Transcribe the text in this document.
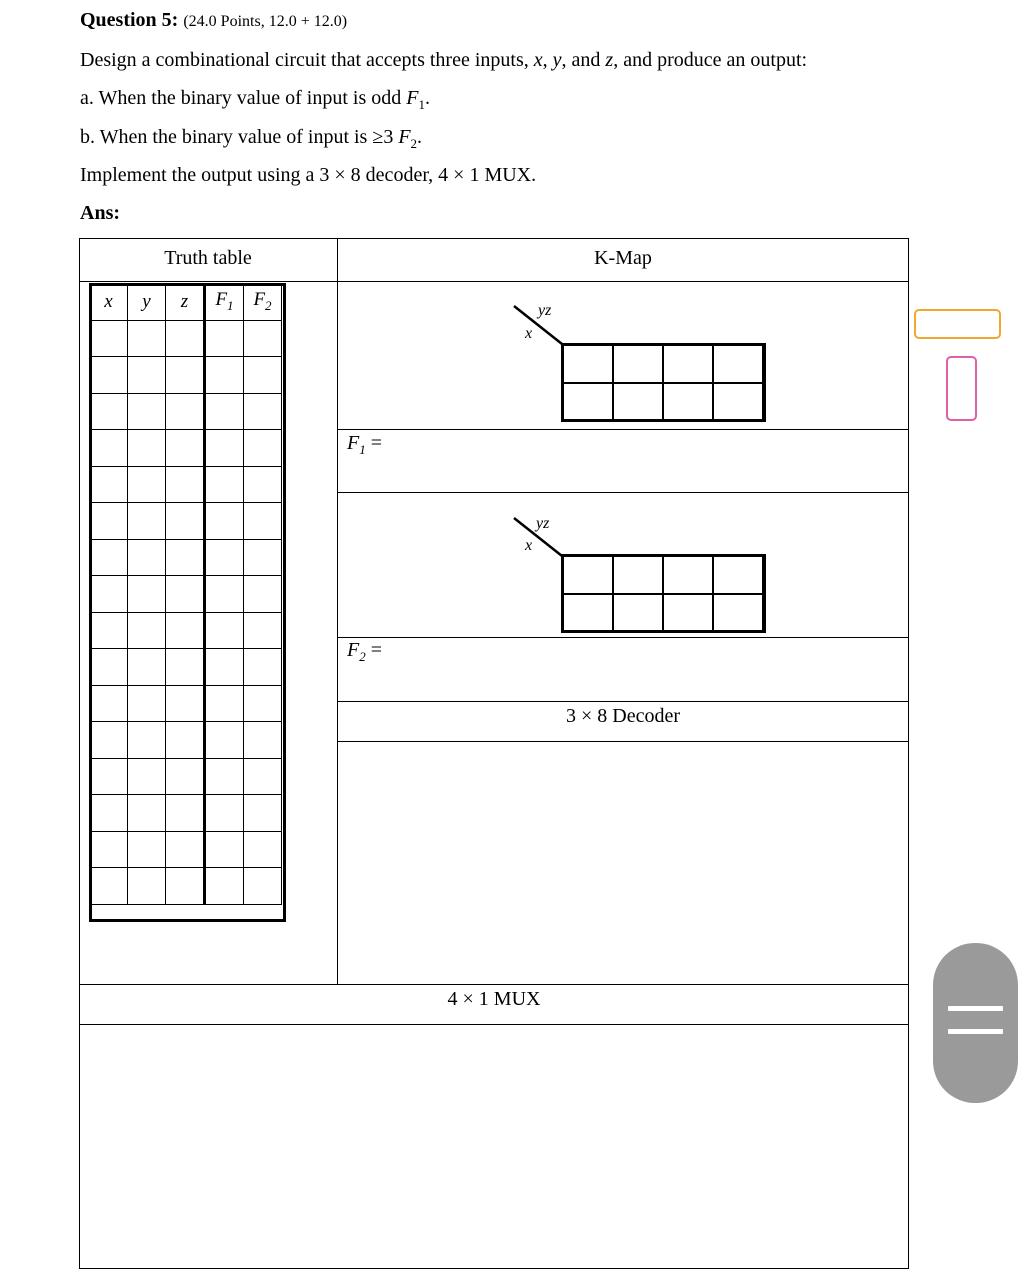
Question 5: (24.0 Points, 12.0 + 12.0)
Design a combinational circuit that accepts three inputs, x, y, and z, and produce an output:
a. When the binary value of input is odd $F_1$.
b. When the binary value of input is ≥3 $F_2$.
Implement the output using a 3 × 8 decoder, 4 × 1 MUX.
Ans:
Truth table	K-Map
3 × 8 Decoder
4 × 1 MUX
x	y	z	$F_1$	$F_2$

					yz
x

$F_1$ =
yz
x

$F_2$ =
